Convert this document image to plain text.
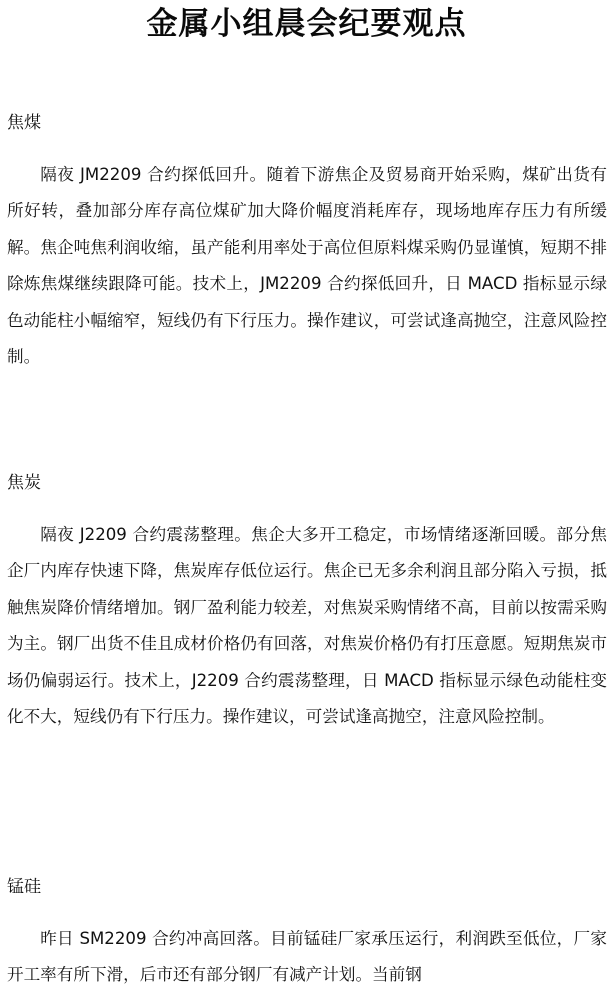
金属小组晨会纪要观点
焦煤

隔夜 JM2209 合约探低回升。随着下游焦企及贸易商开始采购，煤矿出货有所好转，叠加部分库存高位煤矿加大降价幅度消耗库存，现场地库存压力有所缓解。焦企吨焦利润收缩，虽产能利用率处于高位但原料煤采购仍显谨慎，短期不排除炼焦煤继续跟降可能。技术上，JM2209 合约探低回升，日 MACD 指标显示绿色动能柱小幅缩窄，短线仍有下行压力。操作建议，可尝试逢高抛空，注意风险控制。

焦炭

隔夜 J2209 合约震荡整理。焦企大多开工稳定，市场情绪逐渐回暖。部分焦企厂内库存快速下降，焦炭库存低位运行。焦企已无多余利润且部分陷入亏损，抵触焦炭降价情绪增加。钢厂盈利能力较差，对焦炭采购情绪不高，目前以按需采购为主。钢厂出货不佳且成材价格仍有回落，对焦炭价格仍有打压意愿。短期焦炭市场仍偏弱运行。技术上，J2209 合约震荡整理，日 MACD 指标显示绿色动能柱变化不大，短线仍有下行压力。操作建议，可尝试逢高抛空，注意风险控制。

锰硅

昨日 SM2209 合约冲高回落。目前锰硅厂家承压运行，利润跌至低位，厂家开工率有所下滑，后市还有部分钢厂有减产计划。当前钢
